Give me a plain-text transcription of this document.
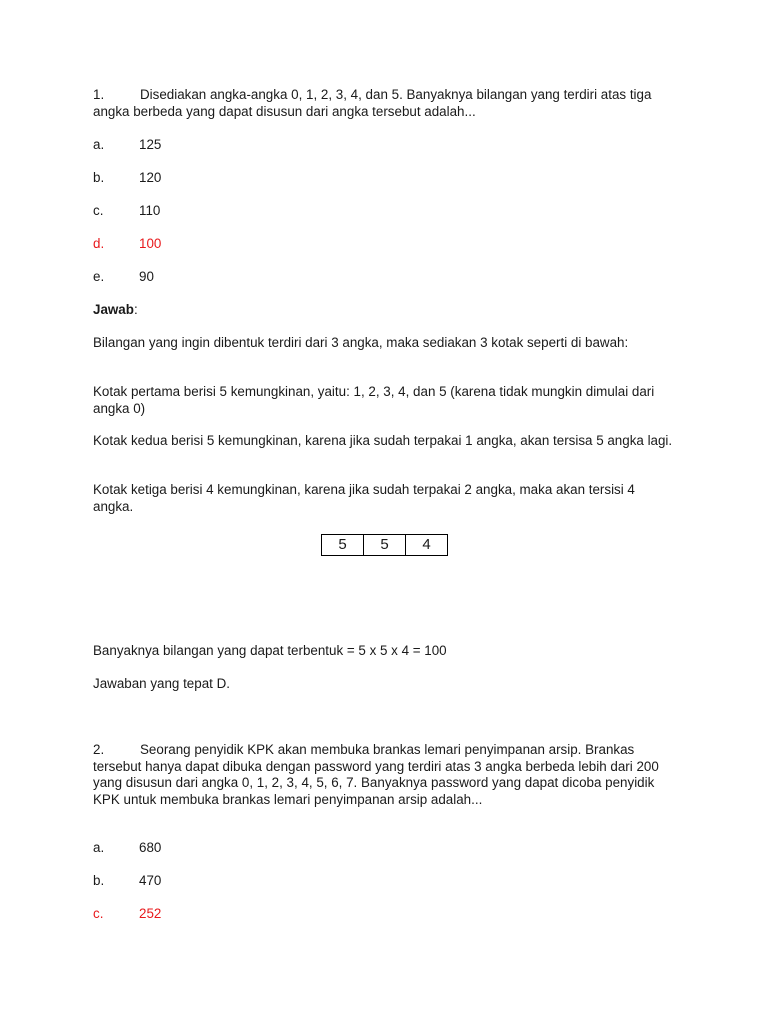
1.	Disediakan angka-angka 0, 1, 2, 3, 4, dan 5. Banyaknya bilangan yang terdiri atas tiga angka berbeda yang dapat disusun dari angka tersebut adalah...

a.	125

b.	120

c.	110

d.	100

e.	90

Jawab:

Bilangan yang ingin dibentuk terdiri dari 3 angka, maka sediakan 3 kotak seperti di bawah:

Kotak pertama berisi 5 kemungkinan, yaitu: 1, 2, 3, 4, dan 5 (karena tidak mungkin dimulai dari angka 0)

Kotak kedua berisi 5 kemungkinan, karena jika sudah terpakai 1 angka, akan tersisa 5 angka lagi.

Kotak ketiga berisi 4 kemungkinan, karena jika sudah terpakai 2 angka, maka akan tersisi 4 angka.

5	5	4

Banyaknya bilangan yang dapat terbentuk = 5 x 5 x 4 = 100

Jawaban yang tepat D.

2.	Seorang penyidik KPK akan membuka brankas lemari penyimpanan arsip. Brankas tersebut hanya dapat dibuka dengan password yang terdiri atas 3 angka berbeda lebih dari 200 yang disusun dari angka 0, 1, 2, 3, 4, 5, 6, 7. Banyaknya password yang dapat dicoba penyidik KPK untuk membuka brankas lemari penyimpanan arsip adalah...

a.	680

b.	470

c.	252
